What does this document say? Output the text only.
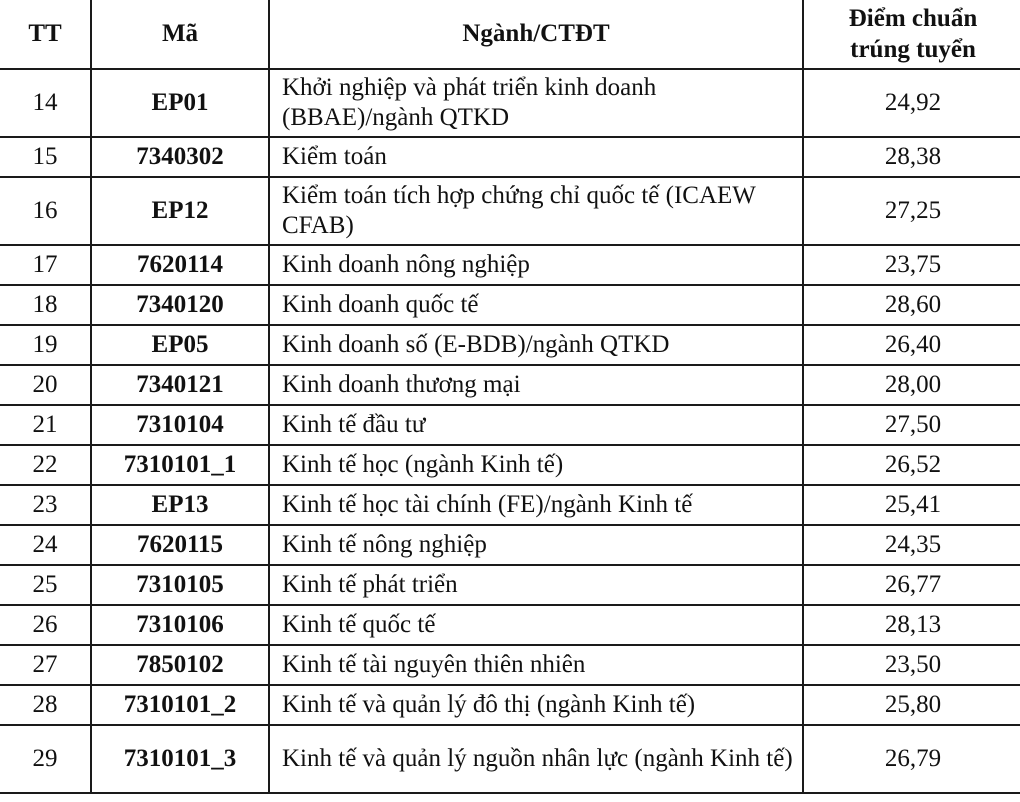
TT	Mã	Ngành/CTĐT	Điểm chuẩn
trúng tuyển
14	EP01	Khởi nghiệp và phát triển kinh doanh (BBAE)/ngành QTKD	24,92
15	7340302	Kiểm toán	28,38
16	EP12	Kiểm toán tích hợp chứng chỉ quốc tế (ICAEW CFAB)	27,25
17	7620114	Kinh doanh nông nghiệp	23,75
18	7340120	Kinh doanh quốc tế	28,60
19	EP05	Kinh doanh số (E-BDB)/ngành QTKD	26,40
20	7340121	Kinh doanh thương mại	28,00
21	7310104	Kinh tế đầu tư	27,50
22	7310101_1	Kinh tế học (ngành Kinh tế)	26,52
23	EP13	Kinh tế học tài chính (FE)/ngành Kinh tế	25,41
24	7620115	Kinh tế nông nghiệp	24,35
25	7310105	Kinh tế phát triển	26,77
26	7310106	Kinh tế quốc tế	28,13
27	7850102	Kinh tế tài nguyên thiên nhiên	23,50
28	7310101_2	Kinh tế và quản lý đô thị (ngành Kinh tế)	25,80
29	7310101_3	Kinh tế và quản lý nguồn nhân lực (ngành Kinh tế)	26,79
